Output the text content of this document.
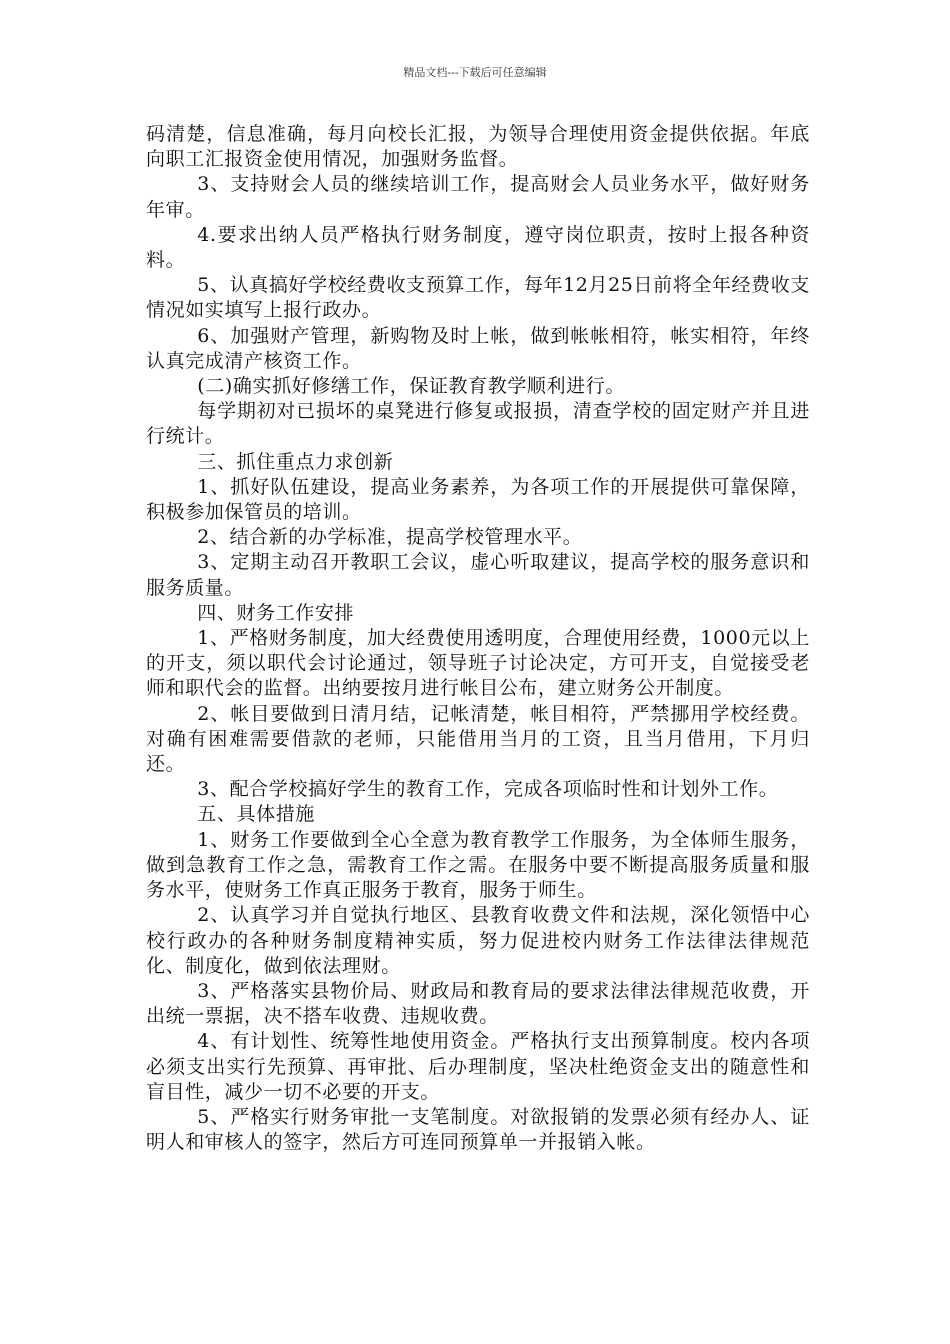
精品文档---下载后可任意编辑

码清楚，信息准确，每月向校长汇报，为领导合理使用资金提供依据。年底向职工汇报资金使用情况，加强财务监督。

3、支持财会人员的继续培训工作，提高财会人员业务水平，做好财务年审。

4.要求出纳人员严格执行财务制度，遵守岗位职责，按时上报各种资料。

5、认真搞好学校经费收支预算工作，每年12月25日前将全年经费收支情况如实填写上报行政办。

6、加强财产管理，新购物及时上帐，做到帐帐相符，帐实相符，年终认真完成清产核资工作。

(二)确实抓好修缮工作，保证教育教学顺利进行。

每学期初对已损坏的桌凳进行修复或报损，清查学校的固定财产并且进行统计。

三、抓住重点力求创新

1、抓好队伍建设，提高业务素养，为各项工作的开展提供可靠保障，积极参加保管员的培训。

2、结合新的办学标准，提高学校管理水平。

3、定期主动召开教职工会议，虚心听取建议，提高学校的服务意识和服务质量。

四、财务工作安排

1、严格财务制度，加大经费使用透明度，合理使用经费，1000元以上的开支，须以职代会讨论通过，领导班子讨论决定，方可开支，自觉接受老师和职代会的监督。出纳要按月进行帐目公布，建立财务公开制度。

2、帐目要做到日清月结，记帐清楚，帐目相符，严禁挪用学校经费。 对确有困难需要借款的老师，只能借用当月的工资，且当月借用，下月归还。

3、配合学校搞好学生的教育工作，完成各项临时性和计划外工作。

五、具体措施

1、财务工作要做到全心全意为教育教学工作服务，为全体师生服务，做到急教育工作之急，需教育工作之需。在服务中要不断提高服务质量和服务水平，使财务工作真正服务于教育，服务于师生。

2、认真学习并自觉执行地区、县教育收费文件和法规，深化领悟中心校行政办的各种财务制度精神实质，努力促进校内财务工作法律法律规范化、制度化，做到依法理财。

3、严格落实县物价局、财政局和教育局的要求法律法律规范收费，开出统一票据，决不搭车收费、违规收费。

4、有计划性、统筹性地使用资金。严格执行支出预算制度。校内各项必须支出实行先预算、再审批、后办理制度，坚决杜绝资金支出的随意性和盲目性，减少一切不必要的开支。

5、严格实行财务审批一支笔制度。对欲报销的发票必须有经办人、证明人和审核人的签字，然后方可连同预算单一并报销入帐。
